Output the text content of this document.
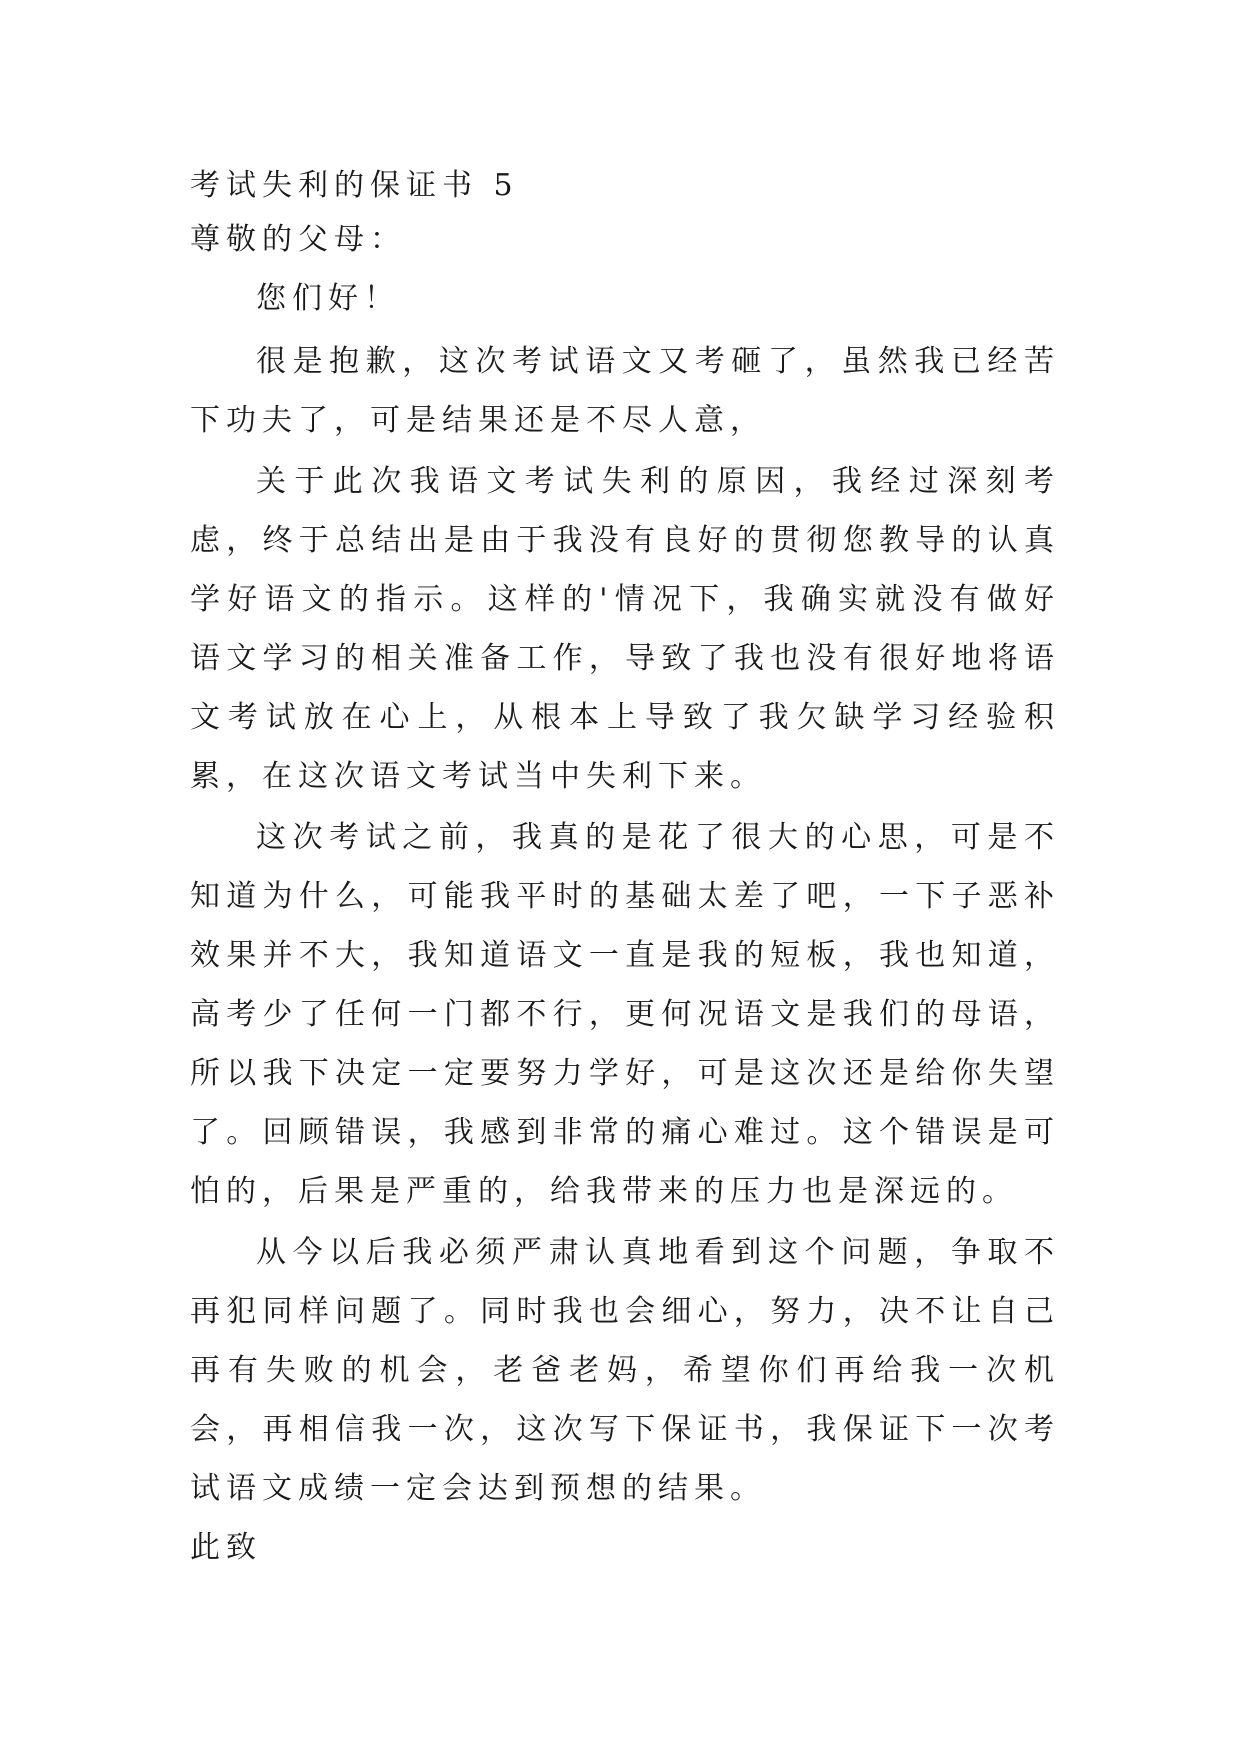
考试失利的保证书 5

尊敬的父母：

您们好！

很是抱歉，这次考试语文又考砸了，虽然我已经苦下功夫了，可是结果还是不尽人意，

关于此次我语文考试失利的原因，我经过深刻考虑，终于总结出是由于我没有良好的贯彻您教导的认真学好语文的指示。这样的'情况下，我确实就没有做好语文学习的相关准备工作，导致了我也没有很好地将语文考试放在心上，从根本上导致了我欠缺学习经验积累，在这次语文考试当中失利下来。

这次考试之前，我真的是花了很大的心思，可是不知道为什么，可能我平时的基础太差了吧，一下子恶补效果并不大，我知道语文一直是我的短板，我也知道，高考少了任何一门都不行，更何况语文是我们的母语，所以我下决定一定要努力学好，可是这次还是给你失望了。回顾错误，我感到非常的痛心难过。这个错误是可怕的，后果是严重的，给我带来的压力也是深远的。

从今以后我必须严肃认真地看到这个问题，争取不再犯同样问题了。同时我也会细心，努力，决不让自己再有失败的机会，老爸老妈，希望你们再给我一次机会，再相信我一次，这次写下保证书，我保证下一次考试语文成绩一定会达到预想的结果。

此致
